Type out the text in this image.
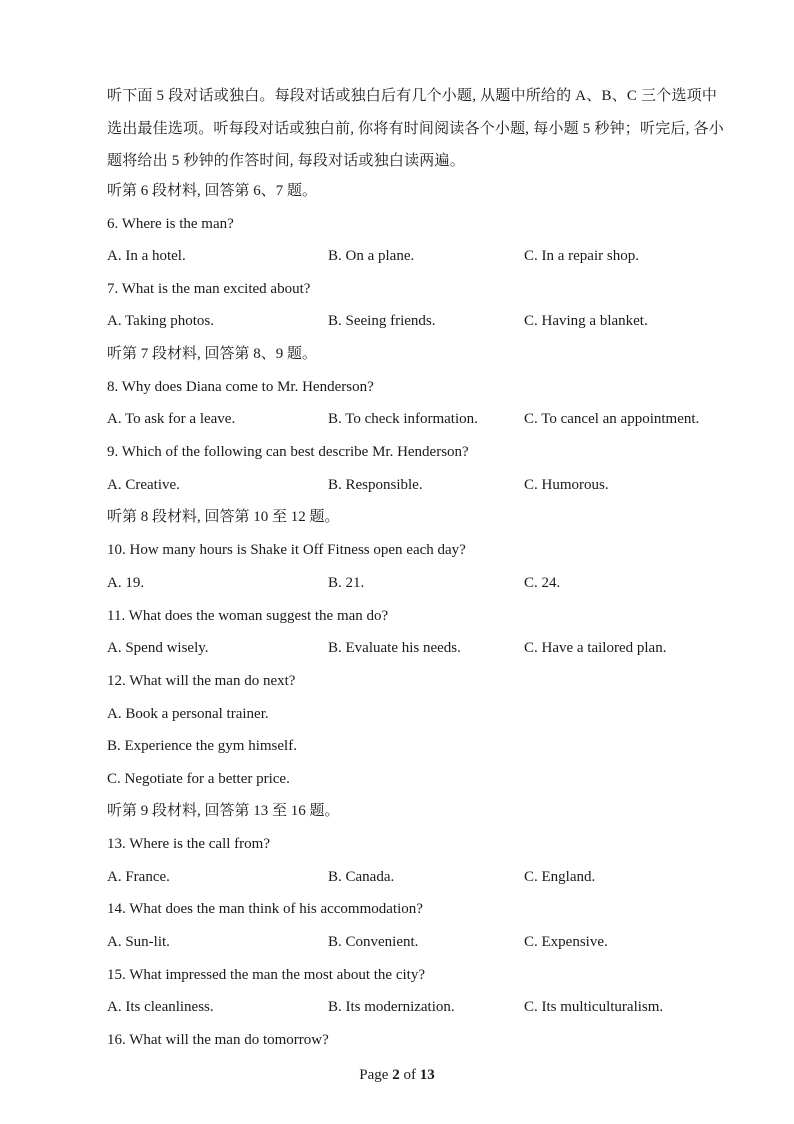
听下面 5 段对话或独白。每段对话或独白后有几个小题, 从题中所给的 A、B、C 三个选项中选出最佳选项。听每段对话或独白前, 你将有时间阅读各个小题, 每小题 5 秒钟；听完后, 各小题将给出 5 秒钟的作答时间, 每段对话或独白读两遍。

听第 6 段材料, 回答第 6、7 题。
6. Where is the man?
A. In a hotel.	B. On a plane.	C. In a repair shop.
7. What is the man excited about?
A. Taking photos.	B. Seeing friends.	C. Having a blanket.
听第 7 段材料, 回答第 8、9 题。
8. Why does Diana come to Mr. Henderson?
A. To ask for a leave.	B. To check information.	C. To cancel an appointment.
9. Which of the following can best describe Mr. Henderson?
A. Creative.	B. Responsible.	C. Humorous.
听第 8 段材料, 回答第 10 至 12 题。
10. How many hours is Shake it Off Fitness open each day?
A. 19.	B. 21.	C. 24.
11. What does the woman suggest the man do?
A. Spend wisely.	B. Evaluate his needs.	C. Have a tailored plan.
12. What will the man do next?
A. Book a personal trainer.
B. Experience the gym himself.
C. Negotiate for a better price.
听第 9 段材料, 回答第 13 至 16 题。
13. Where is the call from?
A. France.	B. Canada.	C. England.
14. What does the man think of his accommodation?
A. Sun-lit.	B. Convenient.	C. Expensive.
15. What impressed the man the most about the city?
A. Its cleanliness.	B. Its modernization.	C. Its multiculturalism.
16. What will the man do tomorrow?
Page 2 of 13
